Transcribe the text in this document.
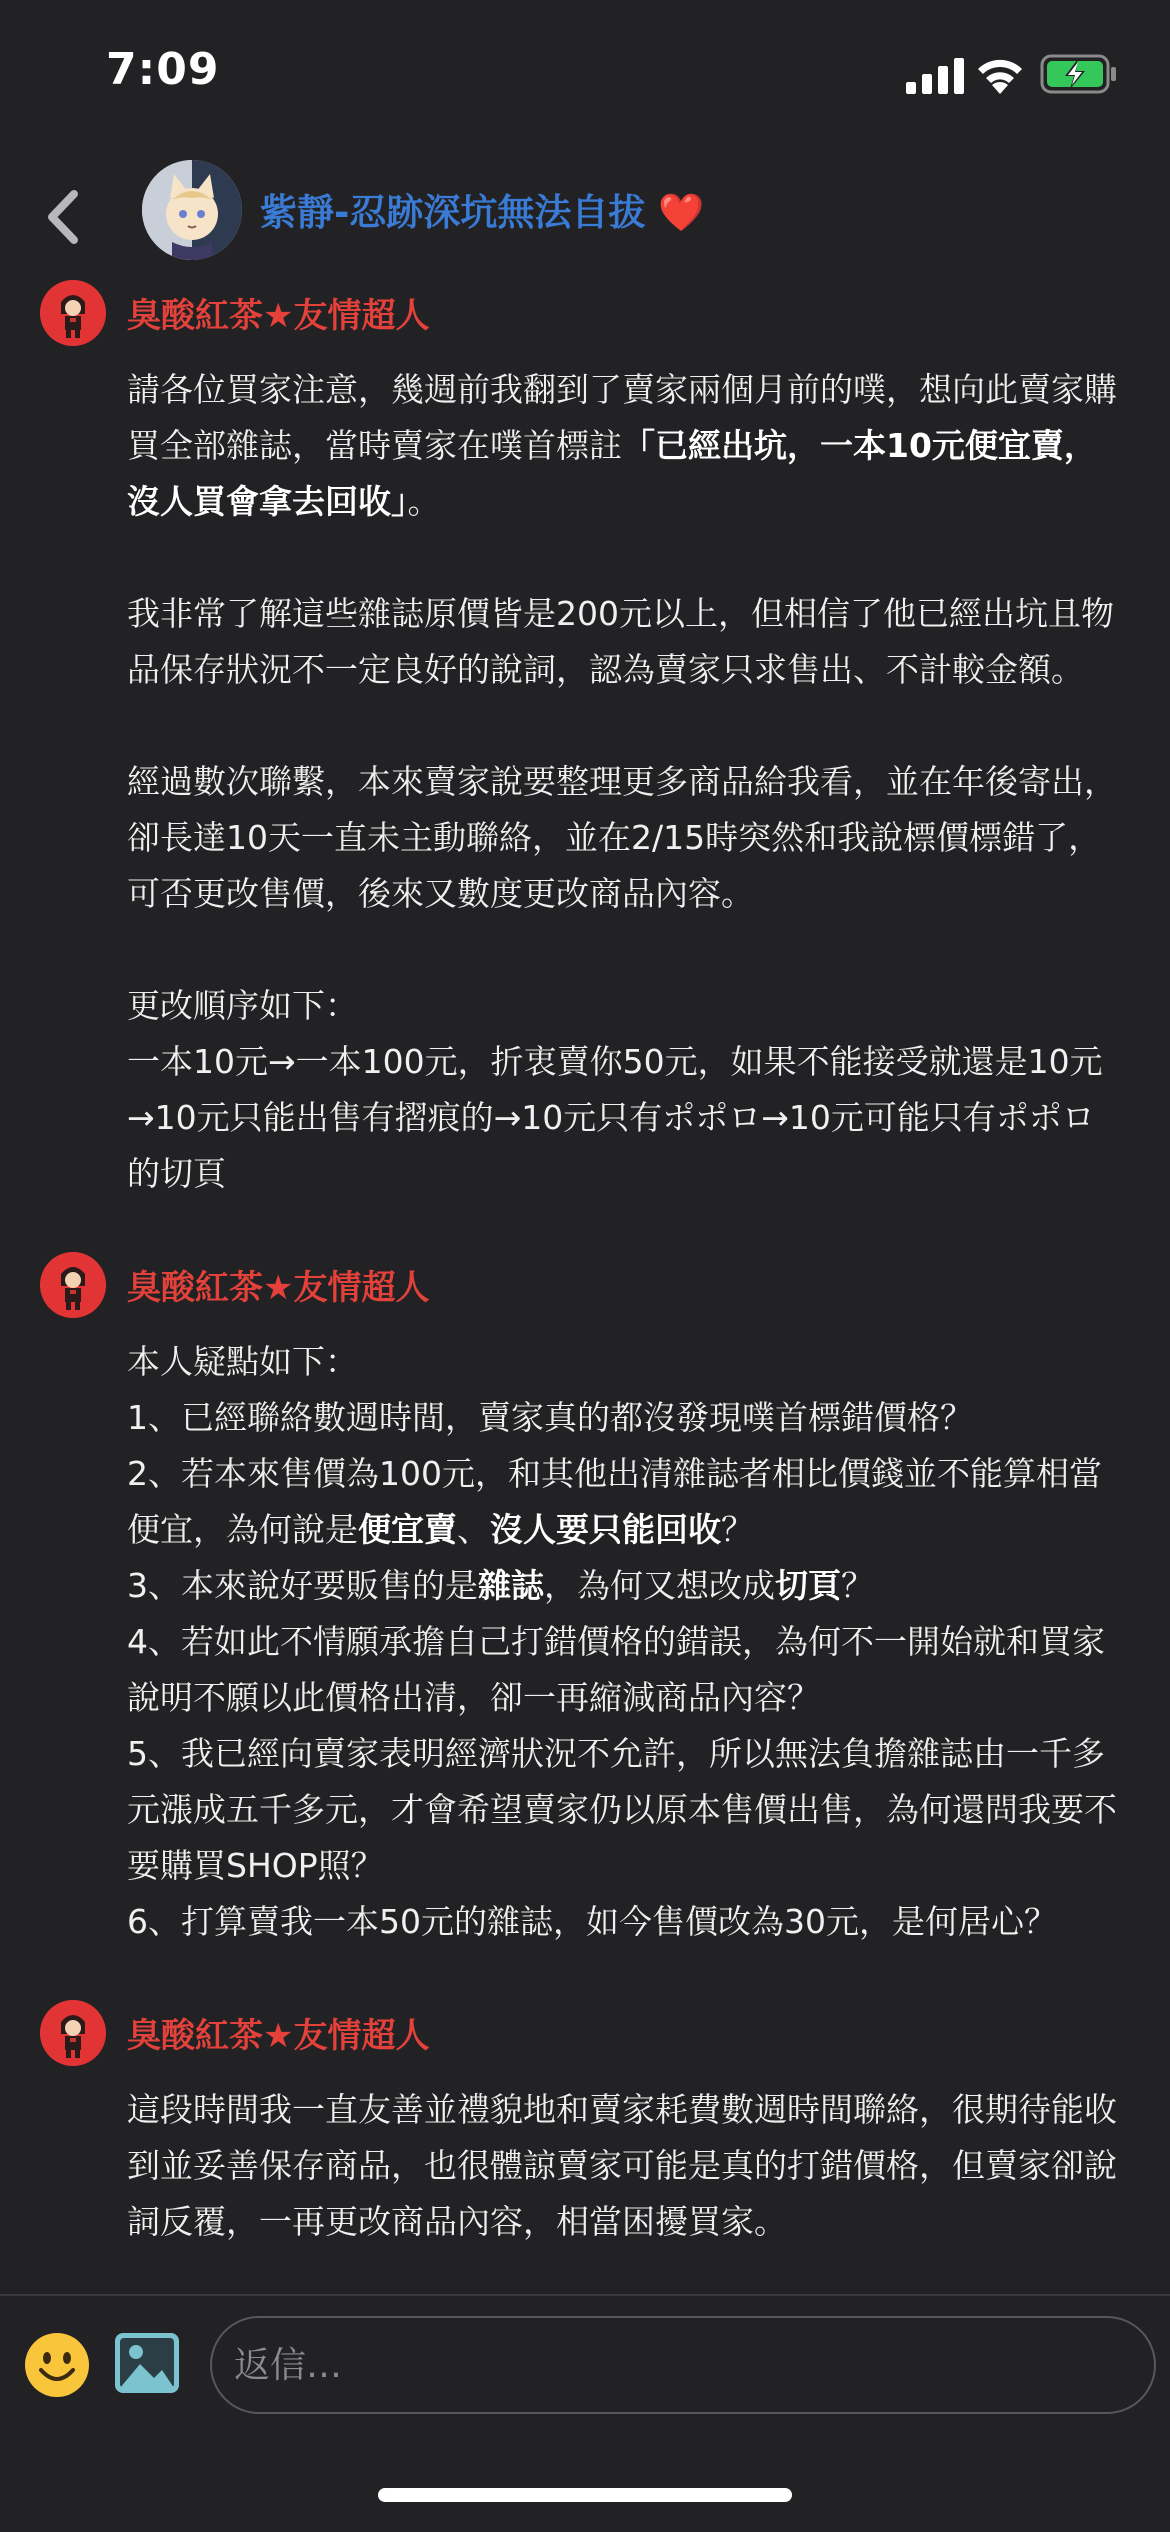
7:09
紫靜-忍跡深坑無法自拔 ❤️
臭酸紅茶★友情超人

請各位買家注意，幾週前我翻到了賣家兩個月前的噗，想向此賣家購買全部雜誌，當時賣家在噗首標註「已經出坑，一本10元便宜賣，沒人買會拿去回收」。

我非常了解這些雜誌原價皆是200元以上，但相信了他已經出坑且物品保存狀況不一定良好的說詞，認為賣家只求售出、不計較金額。

經過數次聯繫，本來賣家說要整理更多商品給我看，並在年後寄出，卻長達10天一直未主動聯絡，並在2/15時突然和我說標價標錯了，可否更改售價，後來又數度更改商品內容。

更改順序如下：

一本10元→一本100元，折衷賣你50元，如果不能接受就還是10元→10元只能出售有摺痕的→10元只有ポポロ→10元可能只有ポポロ的切頁

臭酸紅茶★友情超人

本人疑點如下：

1、已經聯絡數週時間，賣家真的都沒發現噗首標錯價格？

2、若本來售價為100元，和其他出清雜誌者相比價錢並不能算相當便宜，為何說是便宜賣、沒人要只能回收？

3、本來說好要販售的是雜誌，為何又想改成切頁？

4、若如此不情願承擔自己打錯價格的錯誤，為何不一開始就和買家說明不願以此價格出清，卻一再縮減商品內容？

5、我已經向賣家表明經濟狀況不允許，所以無法負擔雜誌由一千多元漲成五千多元，才會希望賣家仍以原本售價出售，為何還問我要不要購買SHOP照？

6、打算賣我一本50元的雜誌，如今售價改為30元，是何居心？

臭酸紅茶★友情超人

這段時間我一直友善並禮貌地和賣家耗費數週時間聯絡，很期待能收到並妥善保存商品，也很體諒賣家可能是真的打錯價格，但賣家卻說詞反覆，一再更改商品內容，相當困擾買家。

返信…
